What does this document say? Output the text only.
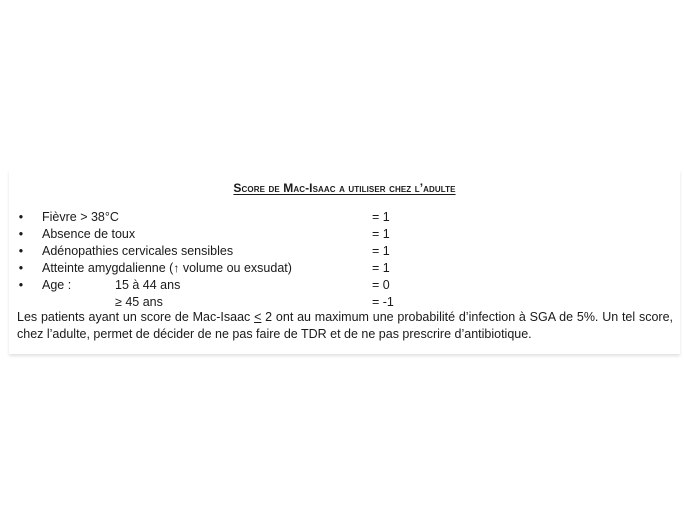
Score de Mac-Isaac a utiliser chez l’adulte
• Fièvre > 38°C	= 1
• Absence de toux	= 1
• Adénopathies cervicales sensibles	= 1
• Atteinte amygdalienne (↑ volume ou exsudat)	= 1
• Age :	15 à 44 ans	= 0
≥ 45 ans	= -1
Les patients ayant un score de Mac-Isaac ≤ 2 ont au maximum une probabilité d’infection à SGA de 5%. Un tel score, chez l’adulte, permet de décider de ne pas faire de TDR et de ne pas prescrire d’antibiotique.
